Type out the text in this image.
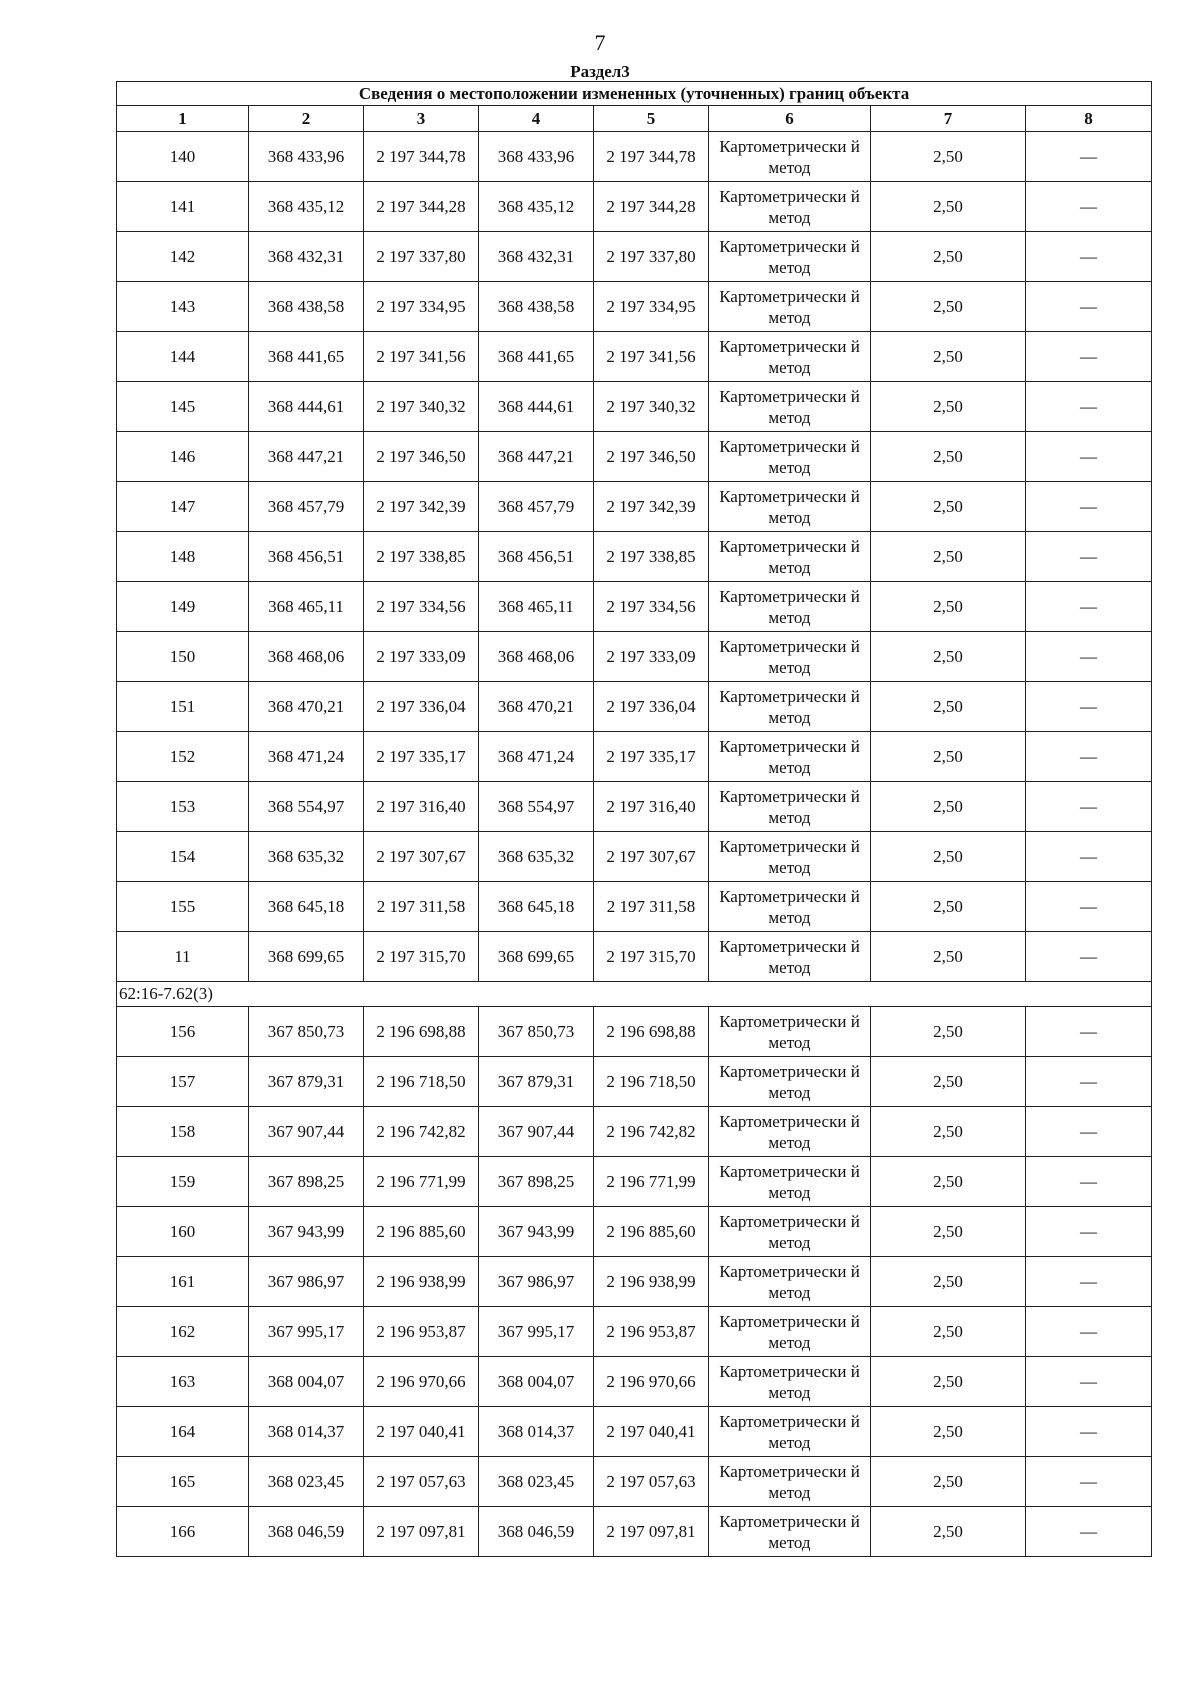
7
Раздел3
Сведения о местоположении измененных (уточненных) границ объекта							
1	2	3	4	5	6	7	8
140	368 433,96	2 197 344,78	368 433,96	2 197 344,78	Картометрически й метод	2,50	—
141	368 435,12	2 197 344,28	368 435,12	2 197 344,28	Картометрически й метод	2,50	—
142	368 432,31	2 197 337,80	368 432,31	2 197 337,80	Картометрически й метод	2,50	—
143	368 438,58	2 197 334,95	368 438,58	2 197 334,95	Картометрически й метод	2,50	—
144	368 441,65	2 197 341,56	368 441,65	2 197 341,56	Картометрически й метод	2,50	—
145	368 444,61	2 197 340,32	368 444,61	2 197 340,32	Картометрически й метод	2,50	—
146	368 447,21	2 197 346,50	368 447,21	2 197 346,50	Картометрически й метод	2,50	—
147	368 457,79	2 197 342,39	368 457,79	2 197 342,39	Картометрически й метод	2,50	—
148	368 456,51	2 197 338,85	368 456,51	2 197 338,85	Картометрически й метод	2,50	—
149	368 465,11	2 197 334,56	368 465,11	2 197 334,56	Картометрически й метод	2,50	—
150	368 468,06	2 197 333,09	368 468,06	2 197 333,09	Картометрически й метод	2,50	—
151	368 470,21	2 197 336,04	368 470,21	2 197 336,04	Картометрически й метод	2,50	—
152	368 471,24	2 197 335,17	368 471,24	2 197 335,17	Картометрически й метод	2,50	—
153	368 554,97	2 197 316,40	368 554,97	2 197 316,40	Картометрически й метод	2,50	—
154	368 635,32	2 197 307,67	368 635,32	2 197 307,67	Картометрически й метод	2,50	—
155	368 645,18	2 197 311,58	368 645,18	2 197 311,58	Картометрически й метод	2,50	—
11	368 699,65	2 197 315,70	368 699,65	2 197 315,70	Картометрически й метод	2,50	—
62:16-7.62(3)							
156	367 850,73	2 196 698,88	367 850,73	2 196 698,88	Картометрически й метод	2,50	—
157	367 879,31	2 196 718,50	367 879,31	2 196 718,50	Картометрически й метод	2,50	—
158	367 907,44	2 196 742,82	367 907,44	2 196 742,82	Картометрически й метод	2,50	—
159	367 898,25	2 196 771,99	367 898,25	2 196 771,99	Картометрически й метод	2,50	—
160	367 943,99	2 196 885,60	367 943,99	2 196 885,60	Картометрически й метод	2,50	—
161	367 986,97	2 196 938,99	367 986,97	2 196 938,99	Картометрически й метод	2,50	—
162	367 995,17	2 196 953,87	367 995,17	2 196 953,87	Картометрически й метод	2,50	—
163	368 004,07	2 196 970,66	368 004,07	2 196 970,66	Картометрически й метод	2,50	—
164	368 014,37	2 197 040,41	368 014,37	2 197 040,41	Картометрически й метод	2,50	—
165	368 023,45	2 197 057,63	368 023,45	2 197 057,63	Картометрически й метод	2,50	—
166	368 046,59	2 197 097,81	368 046,59	2 197 097,81	Картометрически й метод	2,50	—
